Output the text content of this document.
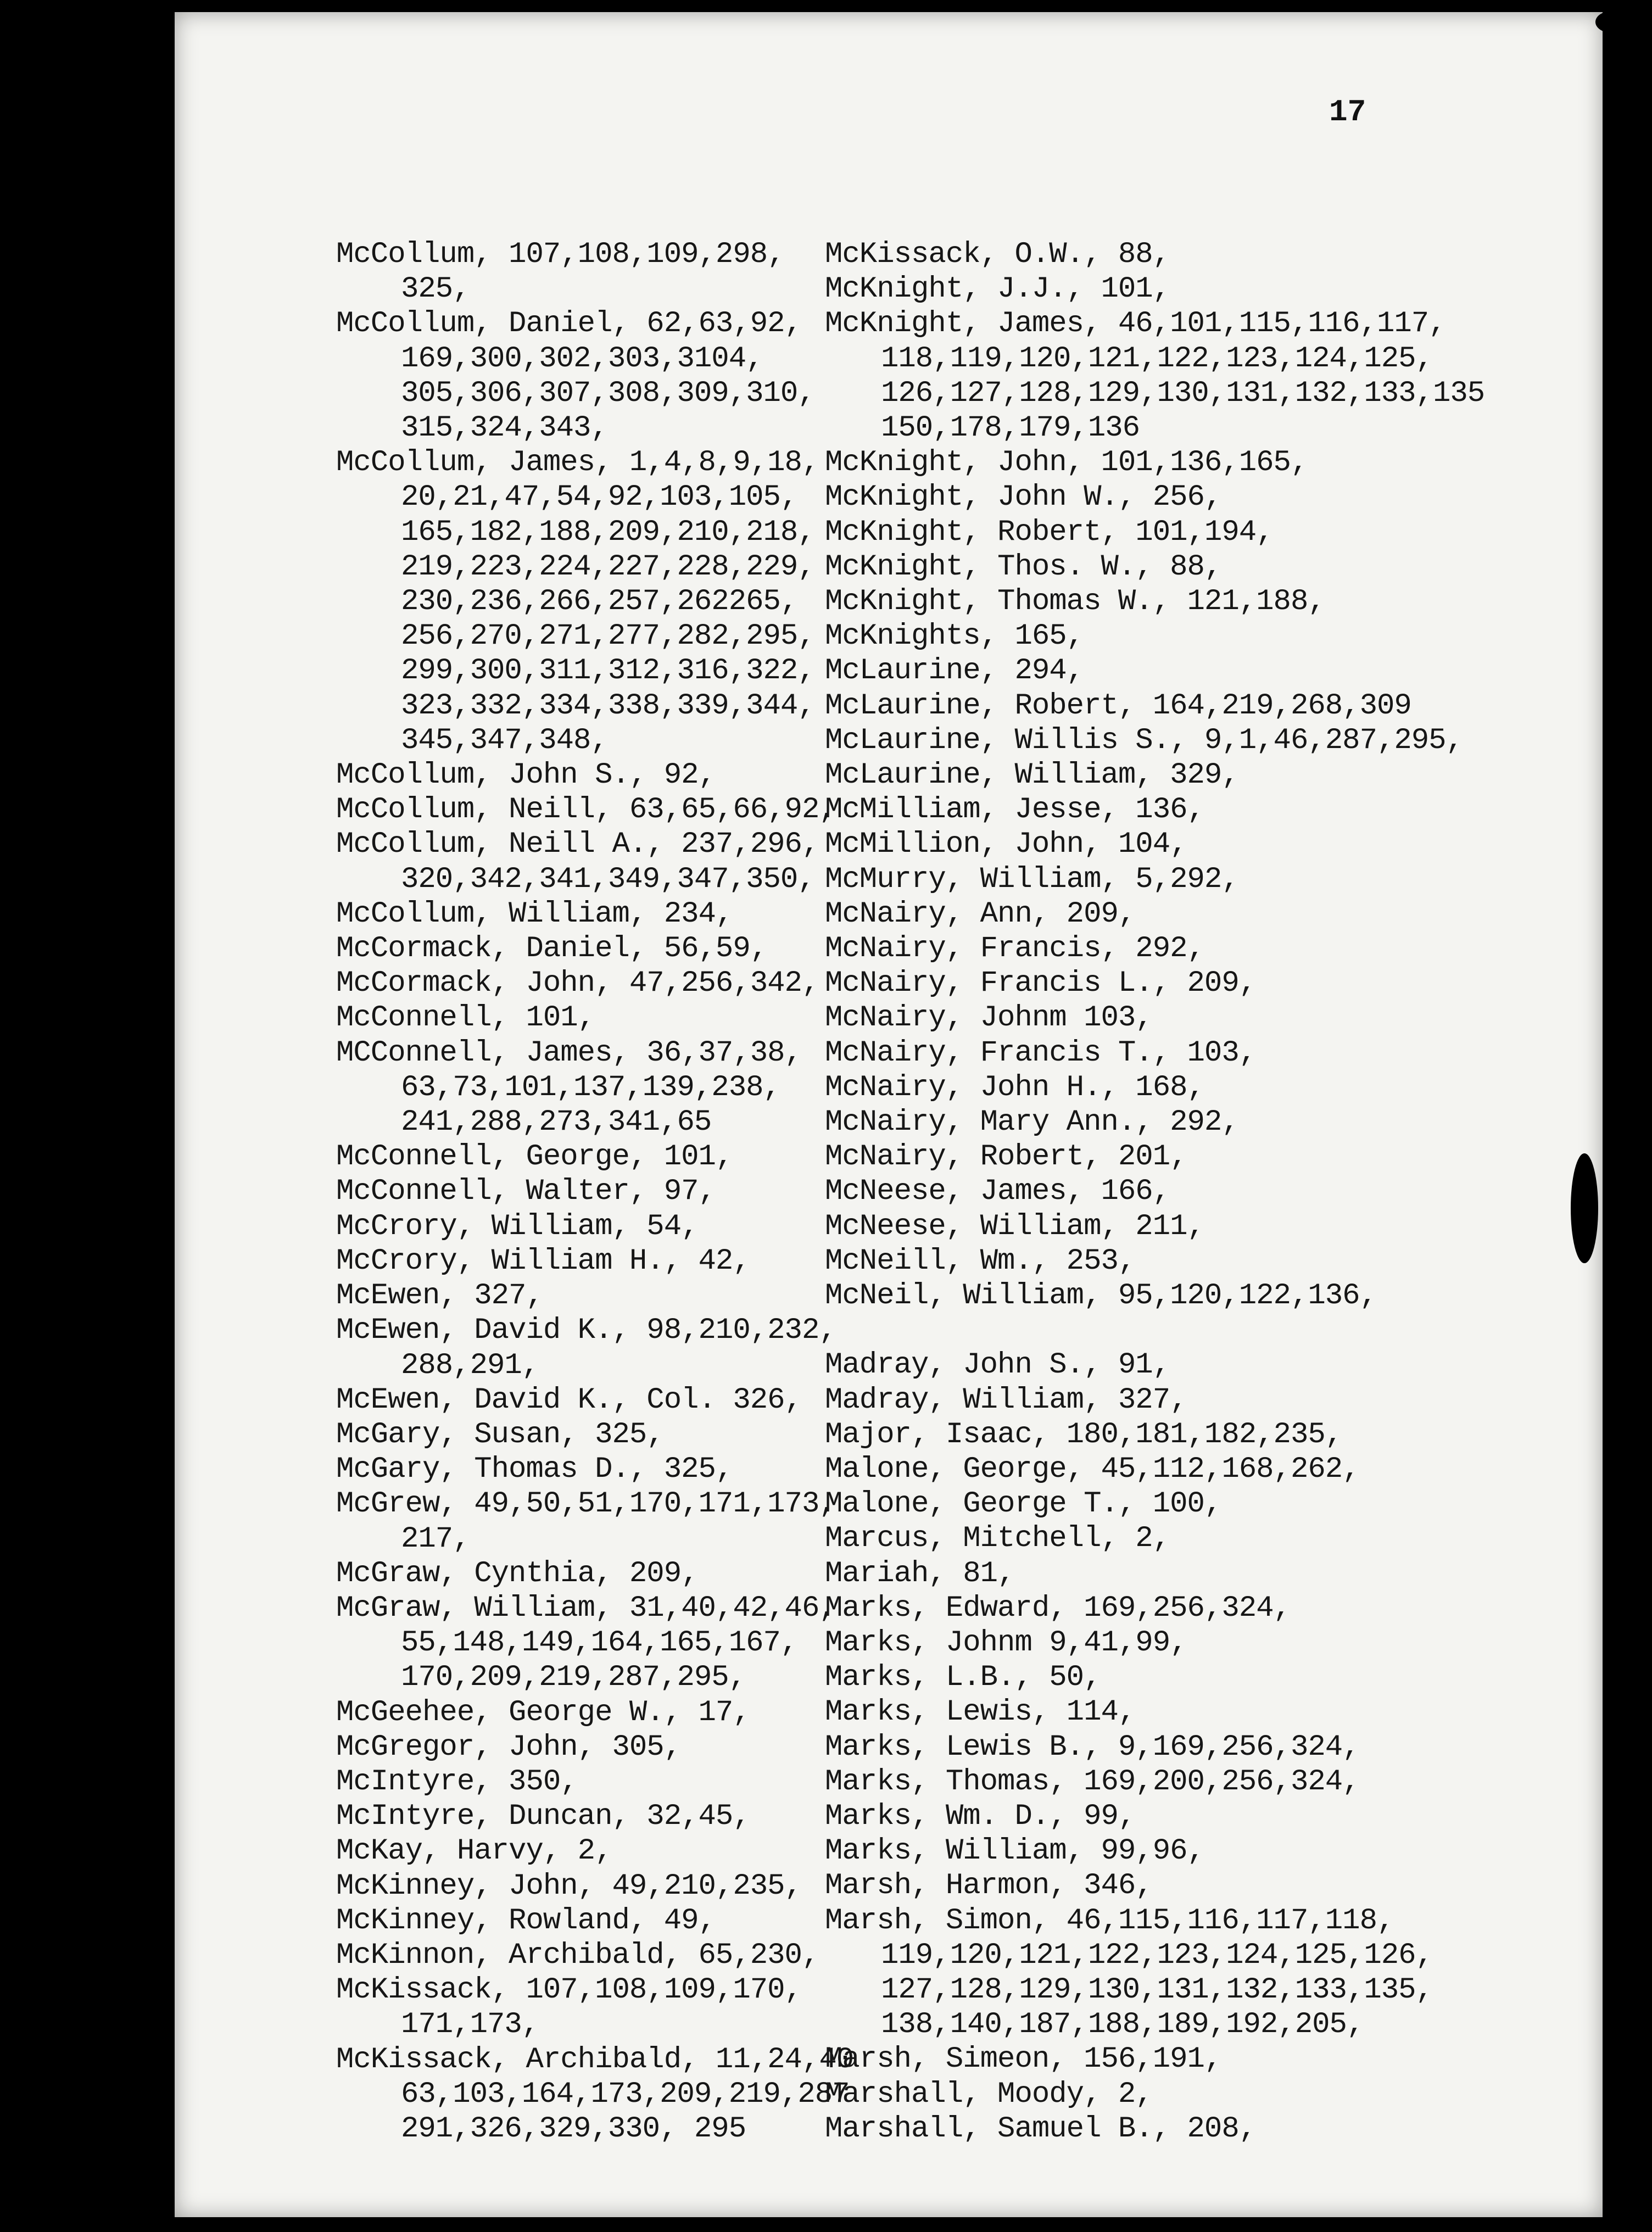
17
McCollum, 107,108,109,298,
325,
McCollum, Daniel, 62,63,92,
169,300,302,303,3104,
305,306,307,308,309,310,
315,324,343,
McCollum, James, 1,4,8,9,18,
20,21,47,54,92,103,105,
165,182,188,209,210,218,
219,223,224,227,228,229,
230,236,266,257,262265,
256,270,271,277,282,295,
299,300,311,312,316,322,
323,332,334,338,339,344,
345,347,348,
McCollum, John S., 92,
McCollum, Neill, 63,65,66,92,
McCollum, Neill A., 237,296,
320,342,341,349,347,350,
McCollum, William, 234,
McCormack, Daniel, 56,59,
McCormack, John, 47,256,342,
McConnell, 101,
MCConnell, James, 36,37,38,
63,73,101,137,139,238,
241,288,273,341,65
McConnell, George, 101,
McConnell, Walter, 97,
McCrory, William, 54,
McCrory, William H., 42,
McEwen, 327,
McEwen, David K., 98,210,232,
288,291,
McEwen, David K., Col. 326,
McGary, Susan, 325,
McGary, Thomas D., 325,
McGrew, 49,50,51,170,171,173,
217,
McGraw, Cynthia, 209,
McGraw, William, 31,40,42,46,
55,148,149,164,165,167,
170,209,219,287,295,
McGeehee, George W., 17,
McGregor, John, 305,
McIntyre, 350,
McIntyre, Duncan, 32,45,
McKay, Harvy, 2,
McKinney, John, 49,210,235,
McKinney, Rowland, 49,
McKinnon, Archibald, 65,230,
McKissack, 107,108,109,170,
171,173,
McKissack, Archibald, 11,24,40
63,103,164,173,209,219,287
291,326,329,330, 295
McKissack, O.W., 88,
McKnight, J.J., 101,
McKnight, James, 46,101,115,116,117,
118,119,120,121,122,123,124,125,
126,127,128,129,130,131,132,133,135
150,178,179,136
McKnight, John, 101,136,165,
McKnight, John W., 256,
McKnight, Robert, 101,194,
McKnight, Thos. W., 88,
McKnight, Thomas W., 121,188,
McKnights, 165,
McLaurine, 294,
McLaurine, Robert, 164,219,268,309
McLaurine, Willis S., 9,1,46,287,295,
McLaurine, William, 329,
McMilliam, Jesse, 136,
McMillion, John, 104,
McMurry, William, 5,292,
McNairy, Ann, 209,
McNairy, Francis, 292,
McNairy, Francis L., 209,
McNairy, Johnm 103,
McNairy, Francis T., 103,
McNairy, John H., 168,
McNairy, Mary Ann., 292,
McNairy, Robert, 201,
McNeese, James, 166,
McNeese, William, 211,
McNeill, Wm., 253,
McNeil, William, 95,120,122,136,
Madray, John S., 91,
Madray, William, 327,
Major, Isaac, 180,181,182,235,
Malone, George, 45,112,168,262,
Malone, George T., 100,
Marcus, Mitchell, 2,
Mariah, 81,
Marks, Edward, 169,256,324,
Marks, Johnm 9,41,99,
Marks, L.B., 50,
Marks, Lewis, 114,
Marks, Lewis B., 9,169,256,324,
Marks, Thomas, 169,200,256,324,
Marks, Wm. D., 99,
Marks, William, 99,96,
Marsh, Harmon, 346,
Marsh, Simon, 46,115,116,117,118,
119,120,121,122,123,124,125,126,
127,128,129,130,131,132,133,135,
138,140,187,188,189,192,205,
Marsh, Simeon, 156,191,
Marshall, Moody, 2,
Marshall, Samuel B., 208,
